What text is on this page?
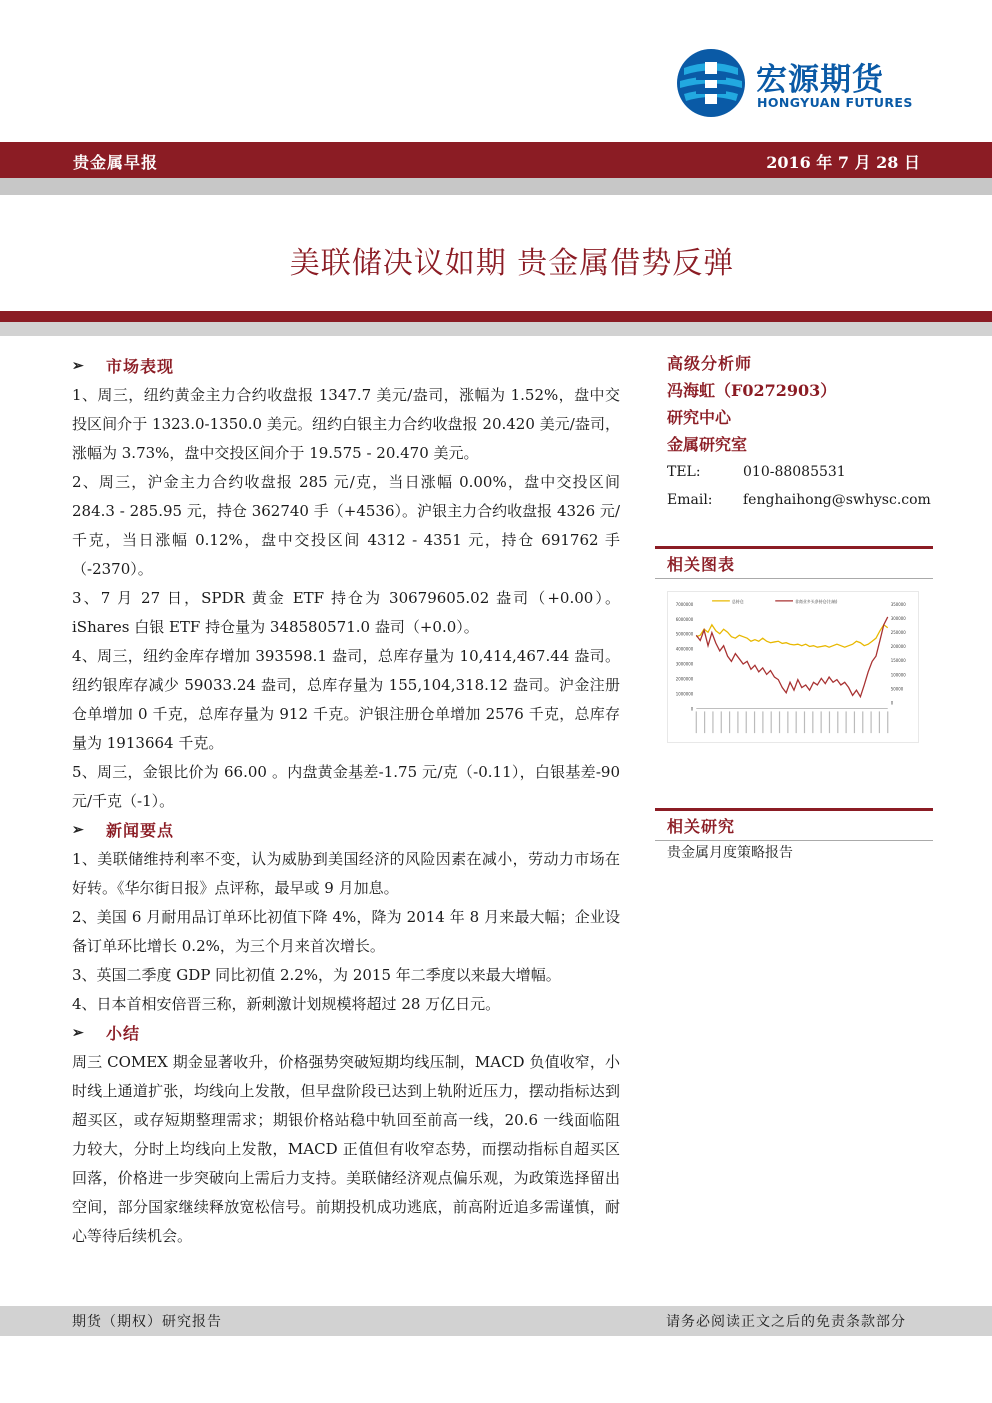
宏源期货
HONGYUAN FUTURES
贵金属早报	2016 年 7 月 28 日
美联储决议如期 贵金属借势反弹
➢ 市场表现

1、周三，纽约黄金主力合约收盘报 1347.7 美元/盎司，涨幅为 1.52%，盘中交投区间介于 1323.0-1350.0 美元。纽约白银主力合约收盘报 20.420 美元/盎司，涨幅为 3.73%，盘中交投区间介于 19.575 - 20.470 美元。

2、周三，沪金主力合约收盘报 285 元/克，当日涨幅 0.00%，盘中交投区间 284.3 - 285.95 元，持仓 362740 手（+4536）。沪银主力合约收盘报 4326 元/千克，当日涨幅 0.12%，盘中交投区间 4312 - 4351 元，持仓 691762 手（-2370）。

3、7 月 27 日，SPDR 黄金 ETF 持仓为 30679605.02 盎司（+0.00）。iShares 白银 ETF 持仓量为 348580571.0 盎司（+0.0）。

4、周三，纽约金库存增加 393598.1 盎司，总库存量为 10,414,467.44 盎司。纽约银库存减少 59033.24 盎司，总库存量为 155,104,318.12 盎司。沪金注册仓单增加 0 千克，总库存量为 912 千克。沪银注册仓单增加 2576 千克，总库存量为 1913664 千克。

5、周三，金银比价为 66.00 。内盘黄金基差-1.75 元/克（-0.11），白银基差-90 元/千克（-1）。

➢ 新闻要点

1、美联储维持利率不变，认为威胁到美国经济的风险因素在减小，劳动力市场在好转。《华尔街日报》点评称，最早或 9 月加息。

2、美国 6 月耐用品订单环比初值下降 4%，降为 2014 年 8 月来最大幅；企业设备订单环比增长 0.2%，为三个月来首次增长。

3、英国二季度 GDP 同比初值 2.2%，为 2015 年二季度以来最大增幅。

4、日本首相安倍晋三称，新刺激计划规模将超过 28 万亿日元。

➢ 小结

周三 COMEX 期金显著收升，价格强势突破短期均线压制，MACD 负值收窄，小时线上通道扩张，均线向上发散，但早盘阶段已达到上轨附近压力，摆动指标达到超买区，或存短期整理需求；期银价格站稳中轨回至前高一线，20.6 一线面临阻力较大，分时上均线向上发散，MACD 正值但有收窄态势，而摆动指标自超买区回落，价格进一步突破向上需后力支持。美联储经济观点偏乐观，为政策选择留出空间，部分国家继续释放宽松信号。前期投机成功逃底，前高附近追多需谨慎，耐心等待后续机会。

高级分析师
冯海虹（F0272903）
研究中心
金属研究室
TEL:	010-88085531
Email: fenghaihong@swhysc.com
相关图表
0
1000000
2000000
3000000
4000000
5000000
6000000
7000000
0
50000
100000
150000
200000
250000
300000
350000
总持仓	非商业多头净持仓(右轴)
相关研究
贵金属月度策略报告
期货（期权）研究报告	请务必阅读正文之后的免责条款部分
